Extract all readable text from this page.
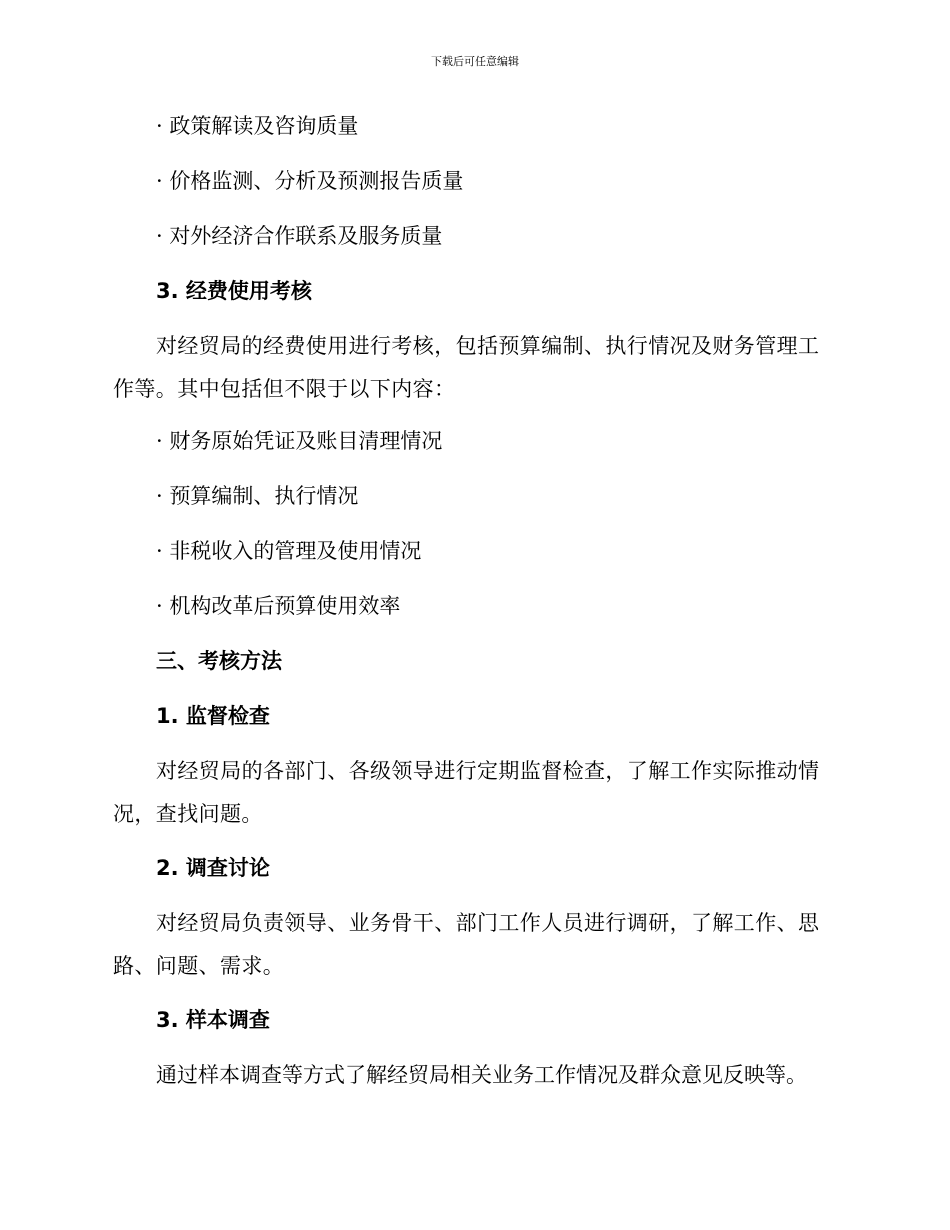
下载后可任意编辑
· 政策解读及咨询质量
· 价格监测、分析及预测报告质量
· 对外经济合作联系及服务质量
3. 经费使用考核
对经贸局的经费使用进行考核，包括预算编制、执行情况及财务管理工作等。其中包括但不限于以下内容：
· 财务原始凭证及账目清理情况
· 预算编制、执行情况
· 非税收入的管理及使用情况
· 机构改革后预算使用效率
三、考核方法
1. 监督检查
对经贸局的各部门、各级领导进行定期监督检查，了解工作实际推动情况，查找问题。
2. 调查讨论
对经贸局负责领导、业务骨干、部门工作人员进行调研，了解工作、思路、问题、需求。
3. 样本调查
通过样本调查等方式了解经贸局相关业务工作情况及群众意见反映等。
